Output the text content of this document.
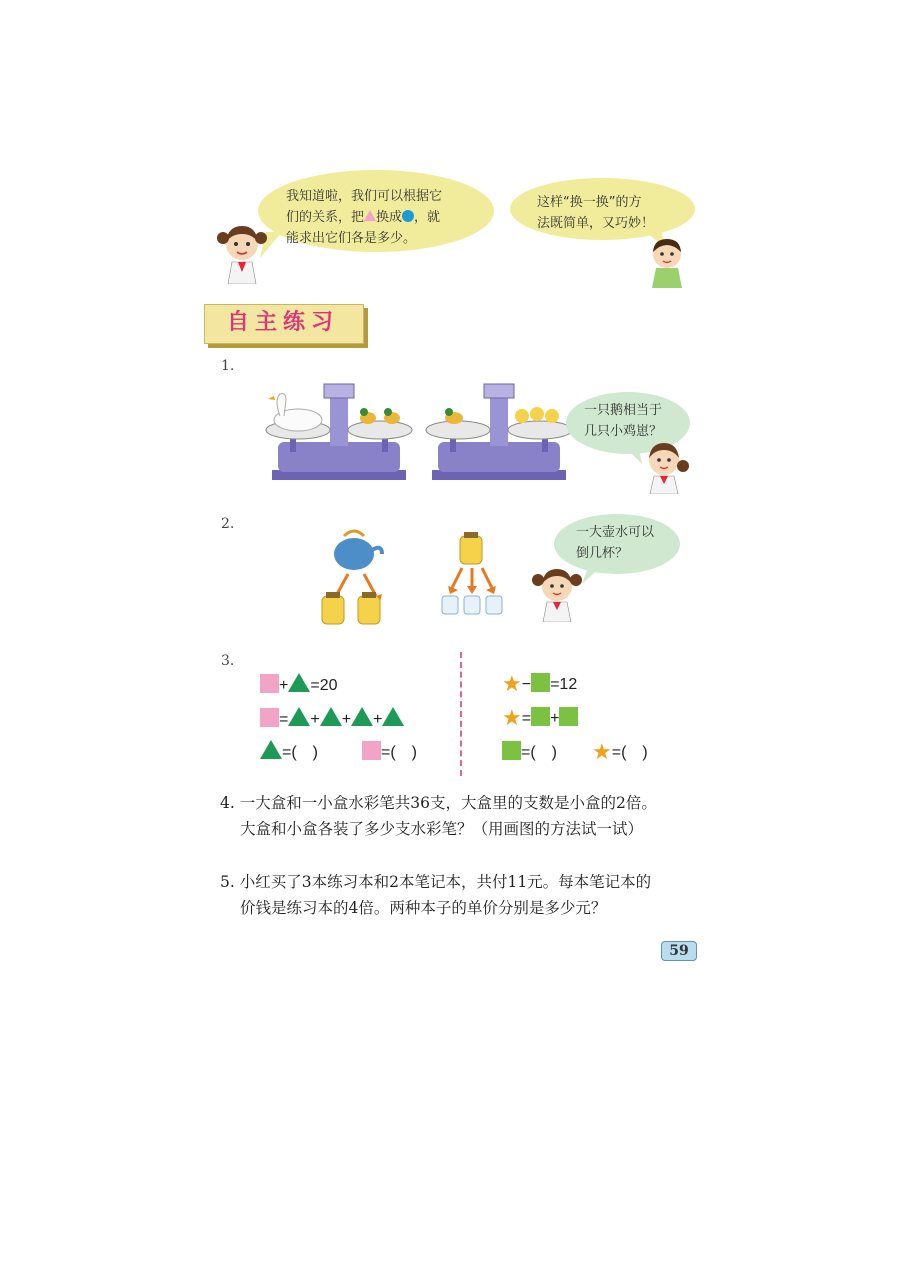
我知道啦，我们可以根据它
们的关系，把 换成 ，就
能求出它们各是多少。
这样“换一换”的方
法既简单，又巧妙！
自主练习
1.
一只鹅相当于
几只小鸡崽？
2.
一大壶水可以
倒几杯？
3.
+ =20
= + + +
=(　)	=(　)
★− =12
★= +
=(　) ★=(　)
4. 一大盒和一小盒水彩笔共36支，大盒里的支数是小盒的2倍。
大盒和小盒各装了多少支水彩笔？（用画图的方法试一试）
5. 小红买了3本练习本和2本笔记本，共付11元。每本笔记本的
价钱是练习本的4倍。两种本子的单价分别是多少元？
59
